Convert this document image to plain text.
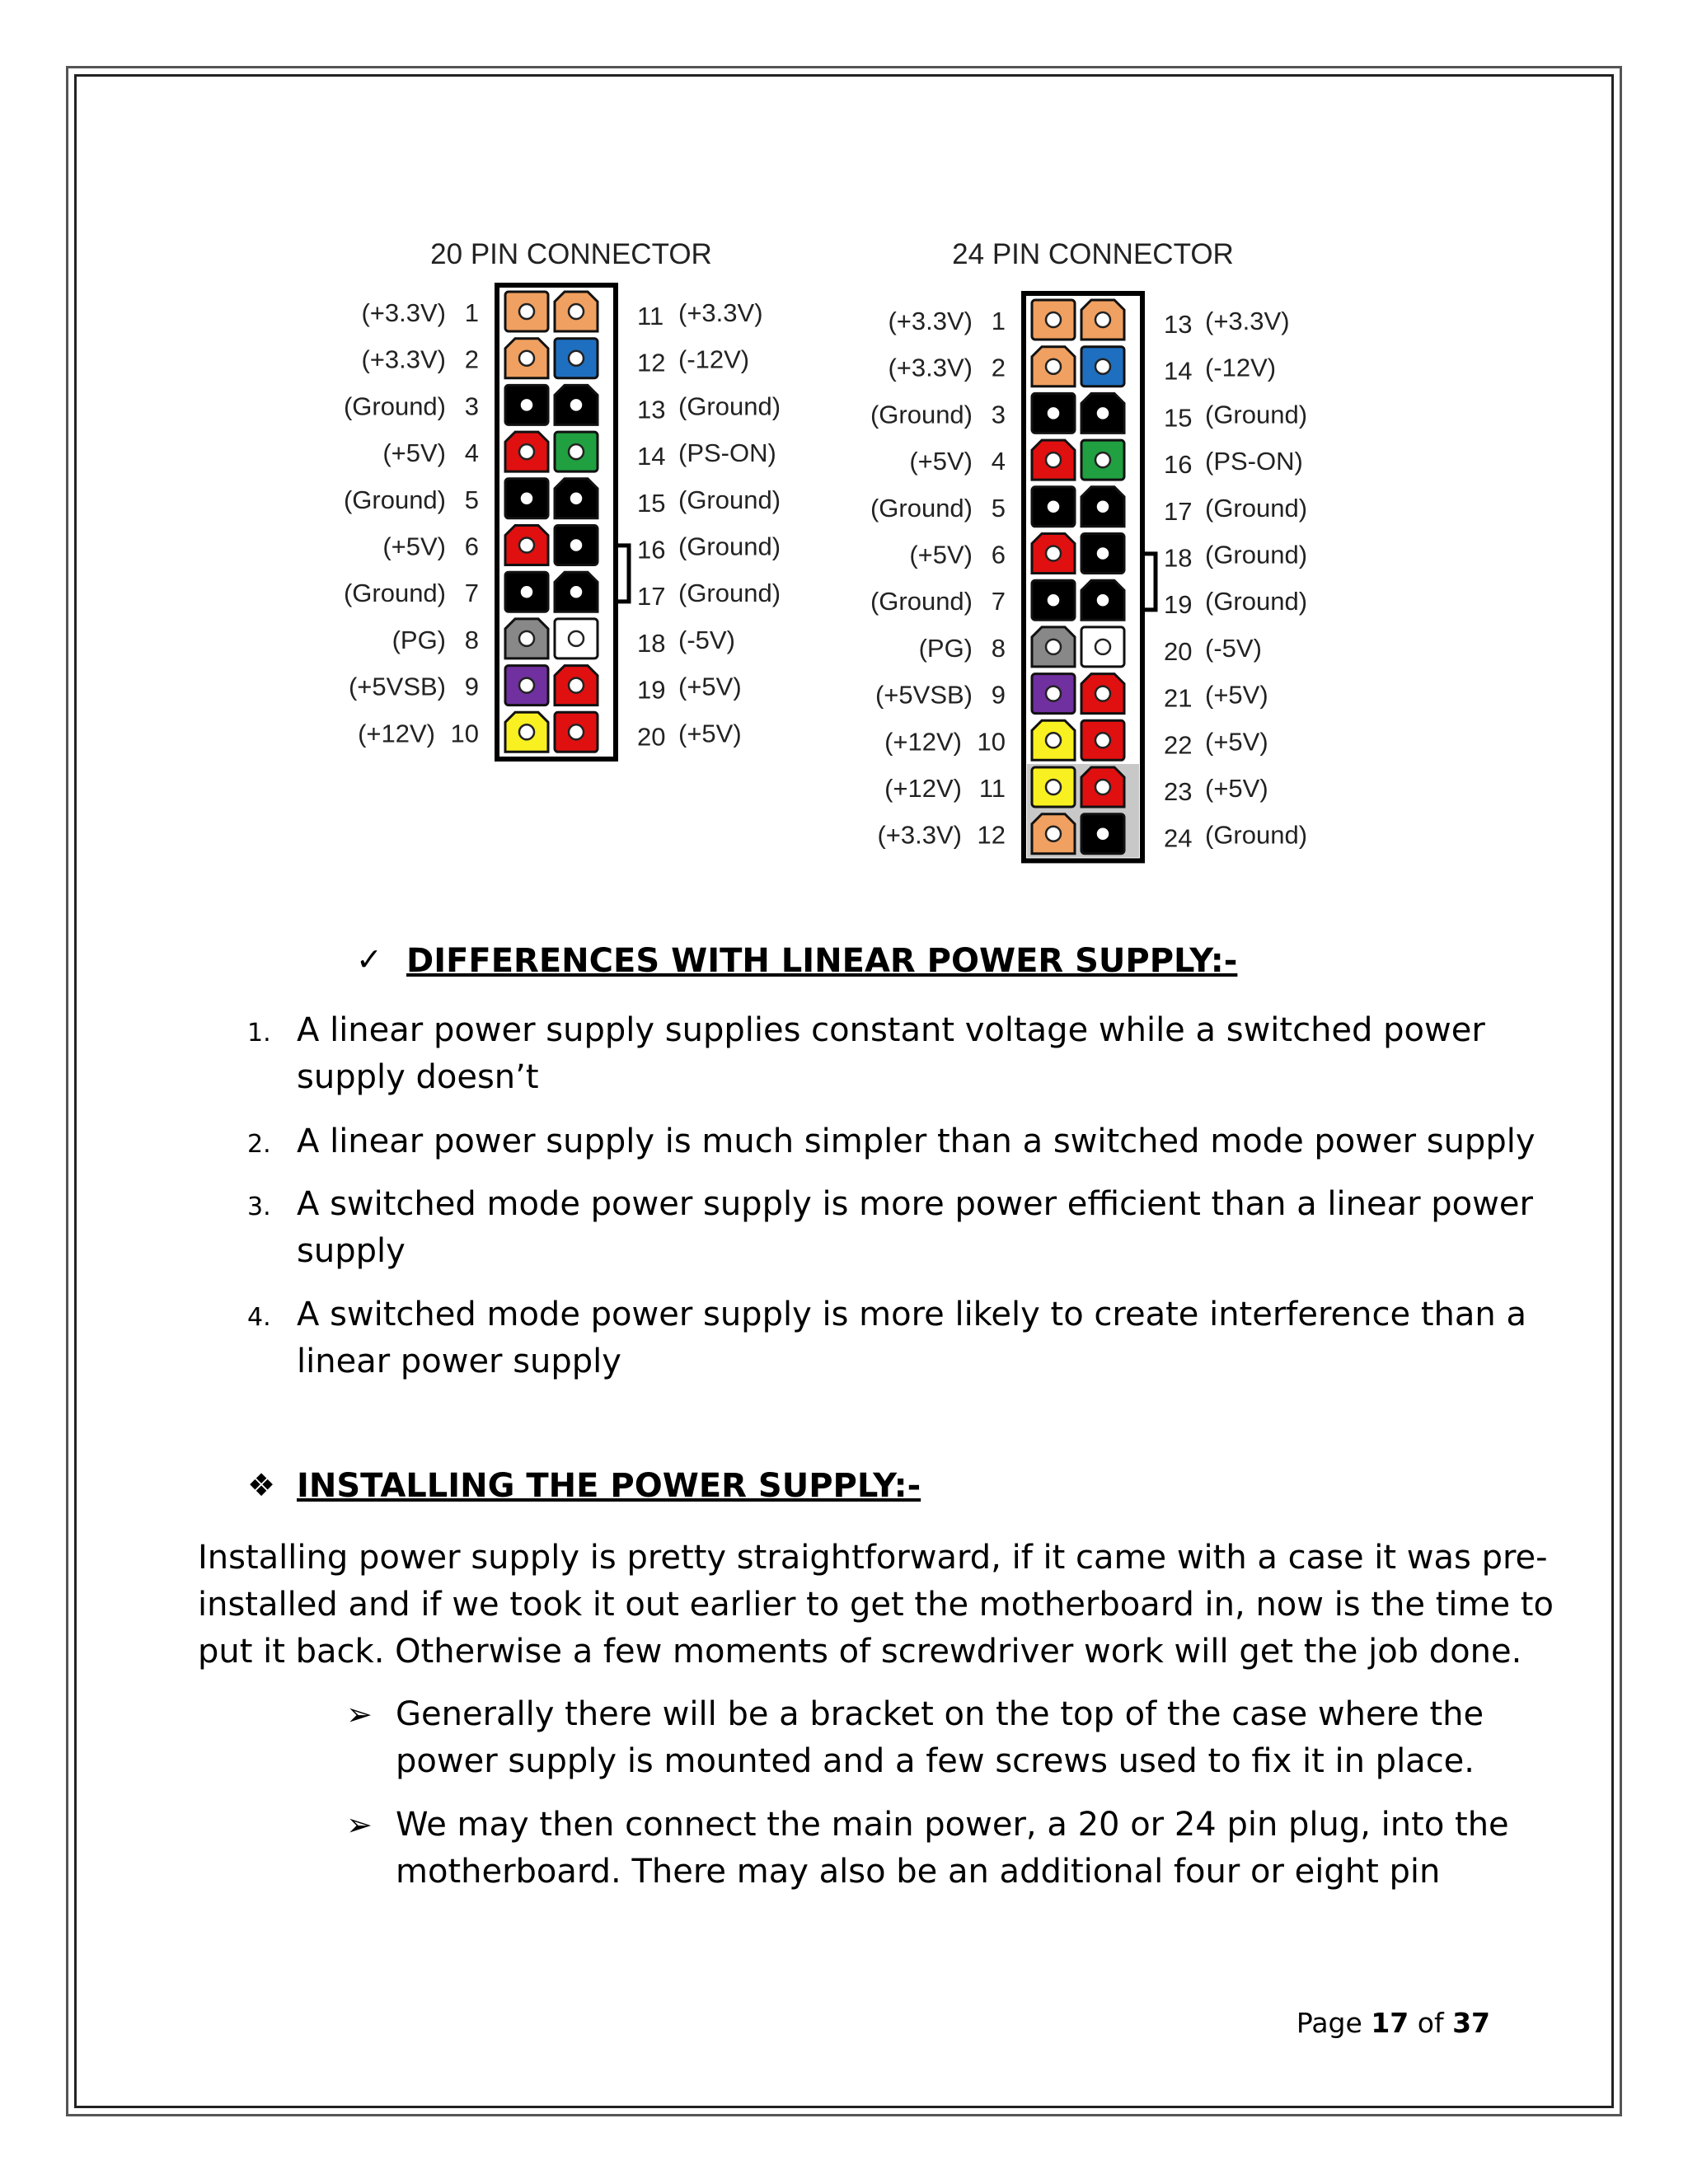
20 PIN CONNECTOR
1
(+3.3V)
2
(+3.3V)
3
(Ground)
4
(+5V)
5
(Ground)
6
(+5V)
7
(Ground)
8
(PG)
9
(+5VSB)
10
(+12V)
11 (+3.3V)
12 (-12V)
13 (Ground)
14 (PS-ON)
15 (Ground)
16 (Ground)
17 (Ground)
18 (-5V)
19 (+5V)
20 (+5V)
24 PIN CONNECTOR
1
(+3.3V)
2
(+3.3V)
3
(Ground)
4
(+5V)
5
(Ground)
6
(+5V)
7
(Ground)
8
(PG)
9
(+5VSB)
10
(+12V)
11
(+12V)
12
(+3.3V)
13 (+3.3V)
14 (-12V)
15 (Ground)
16 (PS-ON)
17 (Ground)
18 (Ground)
19 (Ground)
20 (-5V)
21 (+5V)
22 (+5V)
23 (+5V)
24 (Ground)
✓ DIFFERENCES WITH LINEAR POWER SUPPLY:-
1. A linear power supply supplies constant voltage while a switched power
supply doesn’t
2. A linear power supply is much simpler than a switched mode power supply
3. A switched mode power supply is more power efficient than a linear power
supply
4. A switched mode power supply is more likely to create interference than a
linear power supply
❖ INSTALLING THE POWER SUPPLY:-
Installing power supply is pretty straightforward, if it came with a case it was pre-
installed and if we took it out earlier to get the motherboard in, now is the time to
put it back. Otherwise a few moments of screwdriver work will get the job done.
➢ Generally there will be a bracket on the top of the case where the
power supply is mounted and a few screws used to fix it in place.
➢ We may then connect the main power, a 20 or 24 pin plug, into the
motherboard. There may also be an additional four or eight pin
Page 17 of 37
